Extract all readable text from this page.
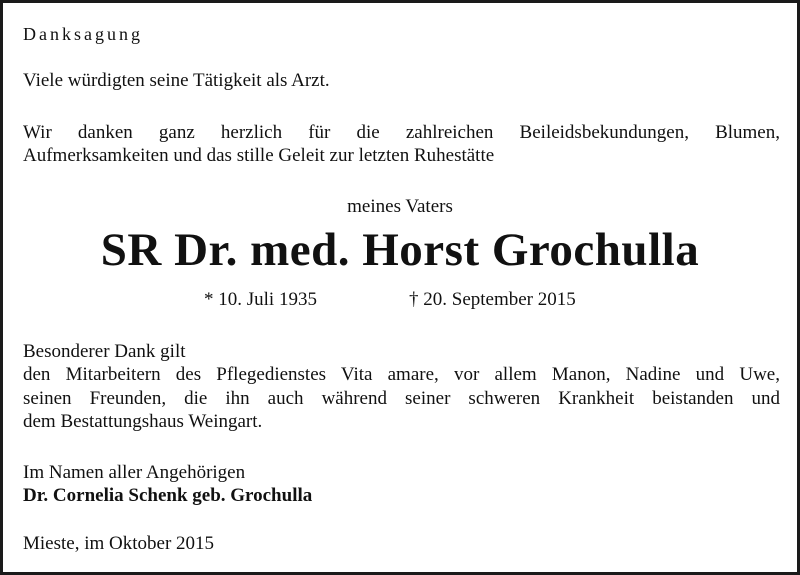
Danksagung
Viele würdigten seine Tätigkeit als Arzt.
Wir danken ganz herzlich für die zahlreichen Beileidsbekundungen, Blumen,
Aufmerksamkeiten und das stille Geleit zur letzten Ruhestätte
meines Vaters
SR Dr. med. Horst Grochulla
* 10. Juli 1935	† 20. September 2015
Besonderer Dank gilt
den Mitarbeitern des Pflegedienstes Vita amare, vor allem Manon, Nadine und Uwe,
seinen Freunden, die ihn auch während seiner schweren Krankheit beistanden und
dem Bestattungshaus Weingart.
Im Namen aller Angehörigen
Dr. Cornelia Schenk geb. Grochulla
Mieste, im Oktober 2015
